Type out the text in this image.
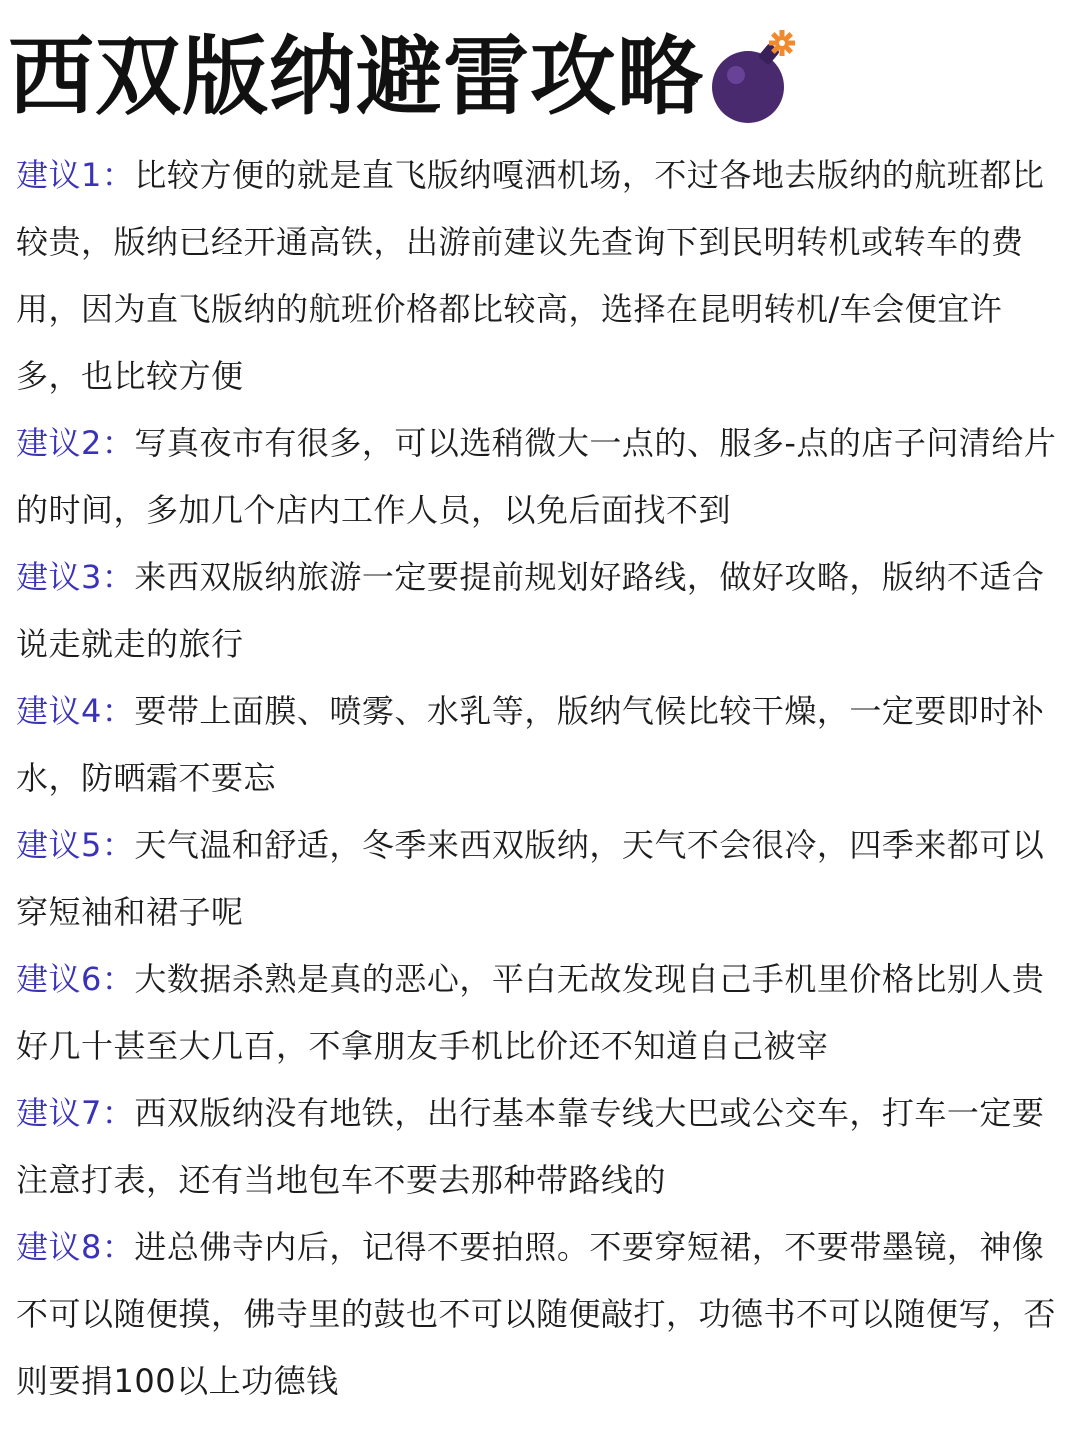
西双版纳避雷攻略

建议1：比较方便的就是直飞版纳嘎洒机场，不过各地去版纳的航班都比较贵，版纳已经开通高铁，出游前建议先查询下到民明转机或转车的费用，因为直飞版纳的航班价格都比较高，选择在昆明转机/车会便宜许多，也比较方便

建议2：写真夜市有很多，可以选稍微大一点的、服多-点的店子问清给片的时间，多加几个店内工作人员，以免后面找不到

建议3：来西双版纳旅游一定要提前规划好路线，做好攻略，版纳不适合说走就走的旅行

建议4：要带上面膜、喷雾、水乳等，版纳气候比较干燥，一定要即时补水，防晒霜不要忘

建议5：天气温和舒适，冬季来西双版纳，天气不会很冷，四季来都可以穿短袖和裙子呢

建议6：大数据杀熟是真的恶心，平白无故发现自己手机里价格比别人贵好几十甚至大几百，不拿朋友手机比价还不知道自己被宰

建议7：西双版纳没有地铁，出行基本靠专线大巴或公交车，打车一定要注意打表，还有当地包车不要去那种带路线的

建议8：进总佛寺内后，记得不要拍照。不要穿短裙，不要带墨镜，神像不可以随便摸，佛寺里的鼓也不可以随便敲打，功德书不可以随便写，否则要捐100以上功德钱
